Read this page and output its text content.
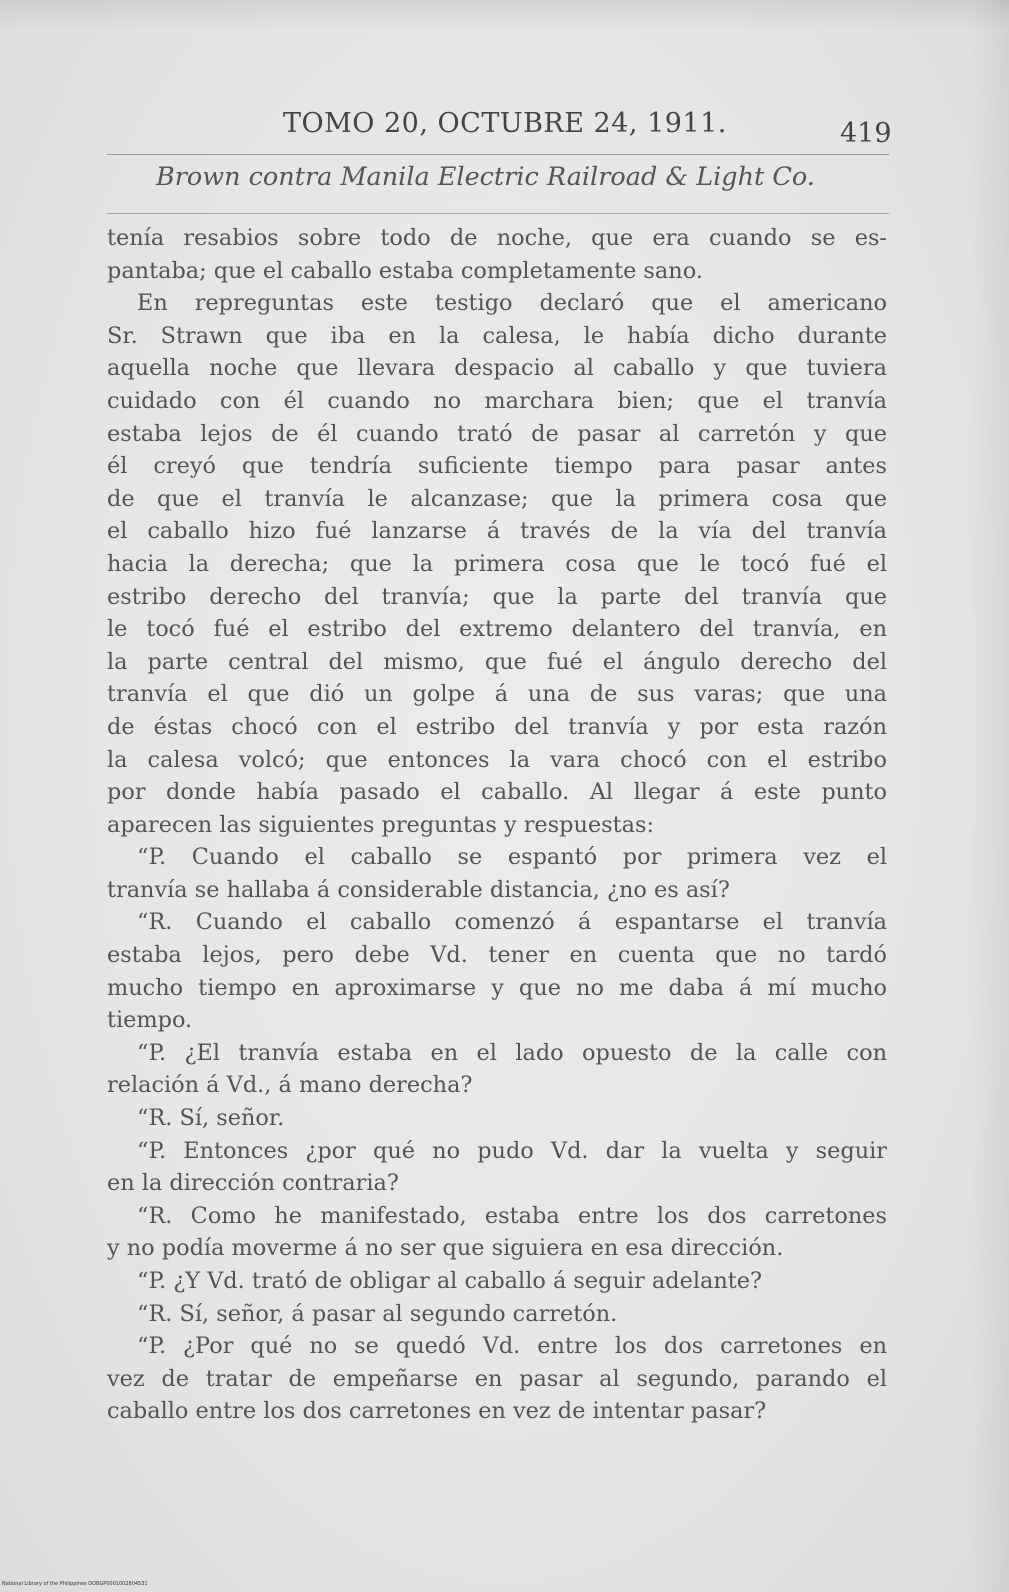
TOMO 20, OCTUBRE 24, 1911.	419
Brown contra Manila Electric Railroad & Light Co.
tenía resabios sobre todo de noche, que era cuando se es-
pantaba; que el caballo estaba completamente sano.
En repreguntas este testigo declaró que el americano
Sr. Strawn que iba en la calesa, le había dicho durante
aquella noche que llevara despacio al caballo y que tuviera
cuidado con él cuando no marchara bien; que el tranvía
estaba lejos de él cuando trató de pasar al carretón y que
él creyó que tendría suficiente tiempo para pasar antes
de que el tranvía le alcanzase; que la primera cosa que
el caballo hizo fué lanzarse á través de la vía del tranvía
hacia la derecha; que la primera cosa que le tocó fué el
estribo derecho del tranvía; que la parte del tranvía que
le tocó fué el estribo del extremo delantero del tranvía, en
la parte central del mismo, que fué el ángulo derecho del
tranvía el que dió un golpe á una de sus varas; que una
de éstas chocó con el estribo del tranvía y por esta razón
la calesa volcó; que entonces la vara chocó con el estribo
por donde había pasado el caballo. Al llegar á este punto
aparecen las siguientes preguntas y respuestas:
“P. Cuando el caballo se espantó por primera vez el
tranvía se hallaba á considerable distancia, ¿no es así?
“R. Cuando el caballo comenzó á espantarse el tranvía
estaba lejos, pero debe Vd. tener en cuenta que no tardó
mucho tiempo en aproximarse y que no me daba á mí mucho
tiempo.
“P. ¿El tranvía estaba en el lado opuesto de la calle con
relación á Vd., á mano derecha?
“R. Sí, señor.
“P. Entonces ¿por qué no pudo Vd. dar la vuelta y seguir
en la dirección contraria?
“R. Como he manifestado, estaba entre los dos carretones
y no podía moverme á no ser que siguiera en esa dirección.
“P. ¿Y Vd. trató de obligar al caballo á seguir adelante?
“R. Sí, señor, á pasar al segundo carretón.
“P. ¿Por qué no se quedó Vd. entre los dos carretones en
vez de tratar de empeñarse en pasar al segundo, parando el
caballo entre los dos carretones en vez de intentar pasar?
National Library of the Philippines DOBGP0001002804531
